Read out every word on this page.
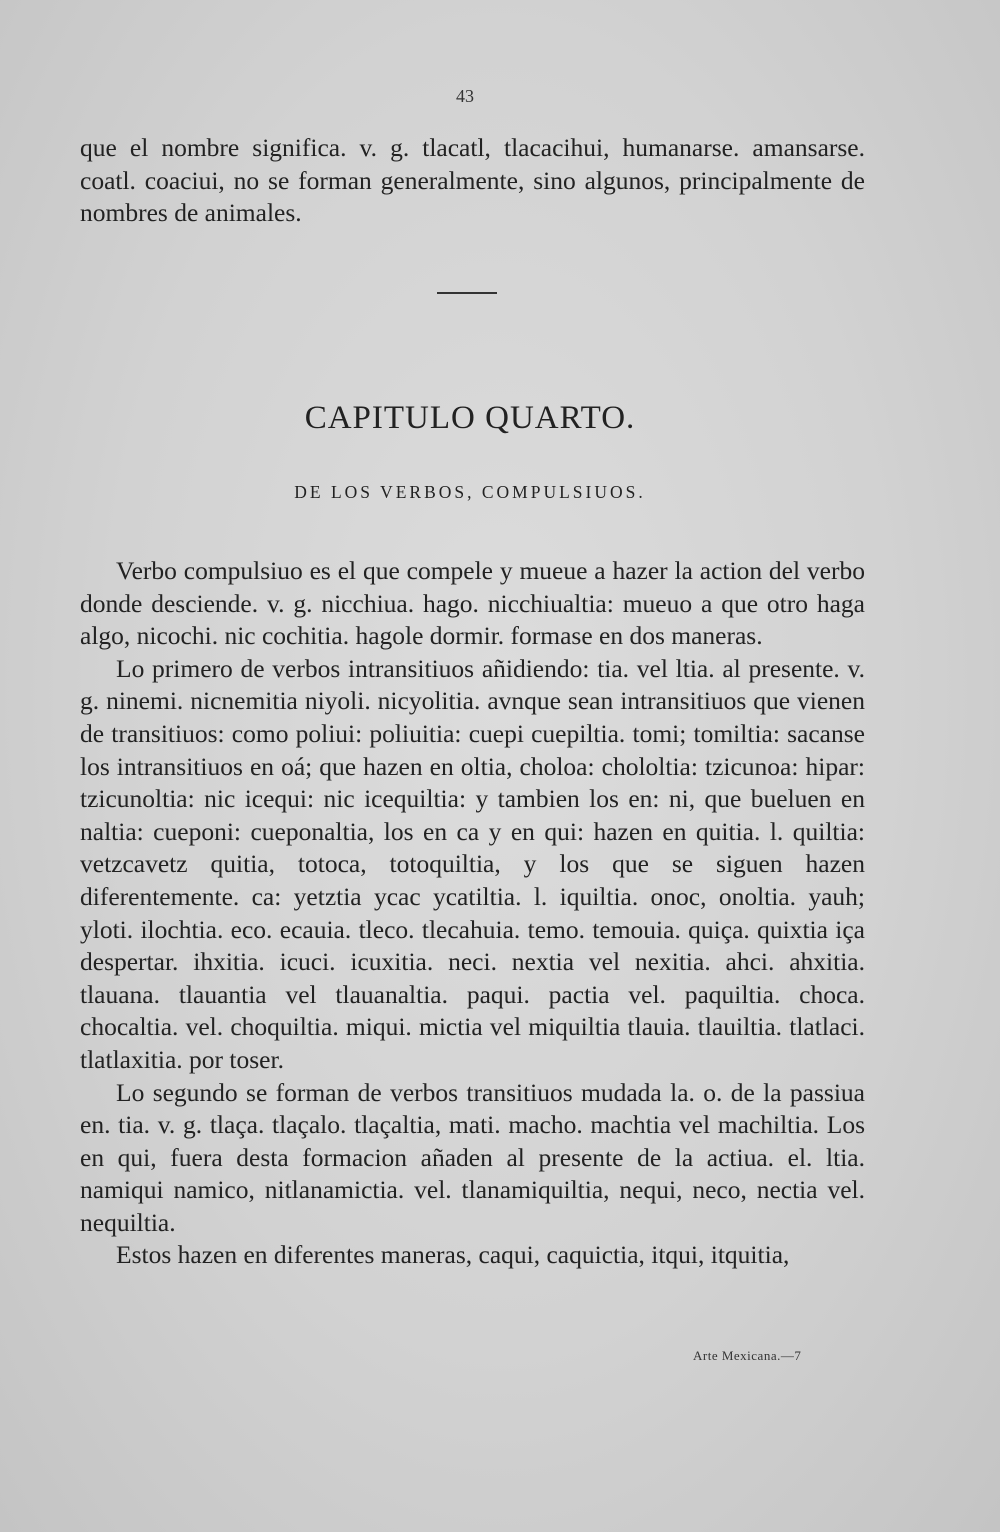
43

que el nombre significa. v. g. tlacatl, tlacacihui, humanarse. amansarse. coatl. coaciui, no se forman generalmente, sino algunos, principalmente de nombres de animales.

CAPITULO QUARTO.
DE LOS VERBOS, COMPULSIUOS.

Verbo compulsiuo es el que compele y mueue a hazer la action del verbo donde desciende. v. g. nicchiua. hago. nicchiualtia: mueuo a que otro haga algo, nicochi. nic cochitia. hagole dormir. formase en dos maneras.

Lo primero de verbos intransitiuos añidiendo: tia. vel ltia. al presente. v. g. ninemi. nicnemitia niyoli. nicyolitia. avnque sean intransitiuos que vienen de transitiuos: como poliui: poliuitia: cuepi cuepiltia. tomi; tomiltia: sacanse los intransitiuos en oá; que hazen en oltia, choloa: chololtia: tzicunoa: hipar: tzicunoltia: nic icequi: nic icequiltia: y tambien los en: ni, que bueluen en naltia: cueponi: cueponaltia, los en ca y en qui: hazen en quitia. l. quiltia: vetzcavetz quitia, totoca, totoquiltia, y los que se siguen hazen diferentemente. ca: yetztia ycac ycatiltia. l. iquiltia. onoc, onoltia. yauh; yloti. ilochtia. eco. ecauia. tleco. tlecahuia. temo. temouia. quiça. quixtia iça despertar. ihxitia. icuci. icuxitia. neci. nextia vel nexitia. ahci. ahxitia. tlauana. tlauantia vel tlauanaltia. paqui. pactia vel. paquiltia. choca. chocaltia. vel. choquiltia. miqui. mictia vel miquiltia tlauia. tlauiltia. tlatlaci. tlatlaxitia. por toser.

Lo segundo se forman de verbos transitiuos mudada la. o. de la passiua en. tia. v. g. tlaça. tlaçalo. tlaçaltia, mati. macho. machtia vel machiltia. Los en qui, fuera desta formacion añaden al presente de la actiua. el. ltia. namiqui namico, nitlanamictia. vel. tlanamiquiltia, nequi, neco, nectia vel. nequiltia.

Estos hazen en diferentes maneras, caqui, caquictia, itqui, itquitia,

Arte Mexicana.—7
